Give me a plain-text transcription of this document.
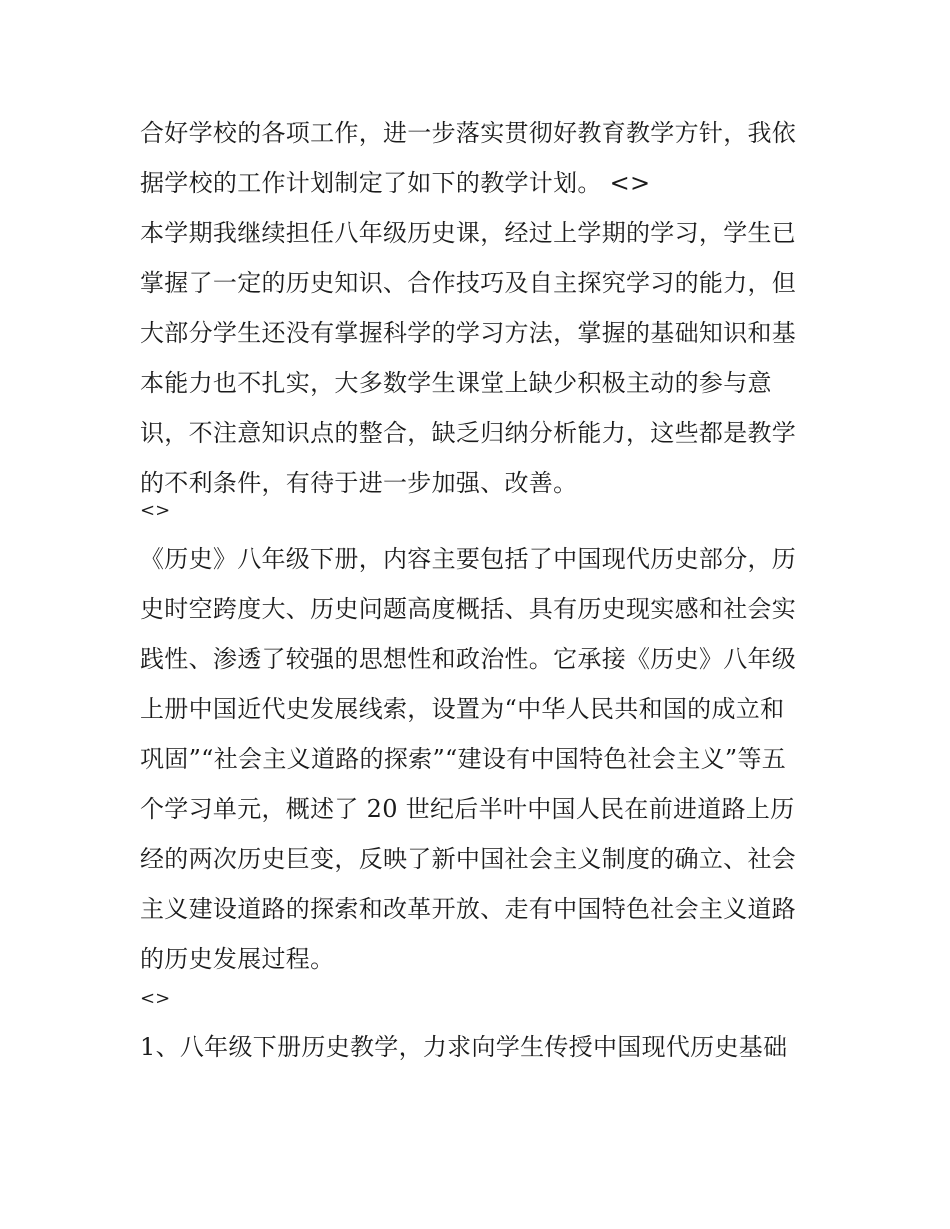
合好学校的各项工作，进一步落实贯彻好教育教学方针，我依
据学校的工作计划制定了如下的教学计划。 <>
本学期我继续担任八年级历史课，经过上学期的学习，学生已
掌握了一定的历史知识、合作技巧及自主探究学习的能力，但
大部分学生还没有掌握科学的学习方法，掌握的基础知识和基
本能力也不扎实，大多数学生课堂上缺少积极主动的参与意
识，不注意知识点的整合，缺乏归纳分析能力，这些都是教学
的不利条件，有待于进一步加强、改善。
<>
《历史》八年级下册，内容主要包括了中国现代历史部分，历
史时空跨度大、历史问题高度概括、具有历史现实感和社会实
践性、渗透了较强的思想性和政治性。它承接《历史》八年级
上册中国近代史发展线索，设置为“中华人民共和国的成立和
巩固”“社会主义道路的探索”“建设有中国特色社会主义”等五
个学习单元，概述了 20 世纪后半叶中国人民在前进道路上历
经的两次历史巨变，反映了新中国社会主义制度的确立、社会
主义建设道路的探索和改革开放、走有中国特色社会主义道路
的历史发展过程。
<>
1、八年级下册历史教学，力求向学生传授中国现代历史基础
